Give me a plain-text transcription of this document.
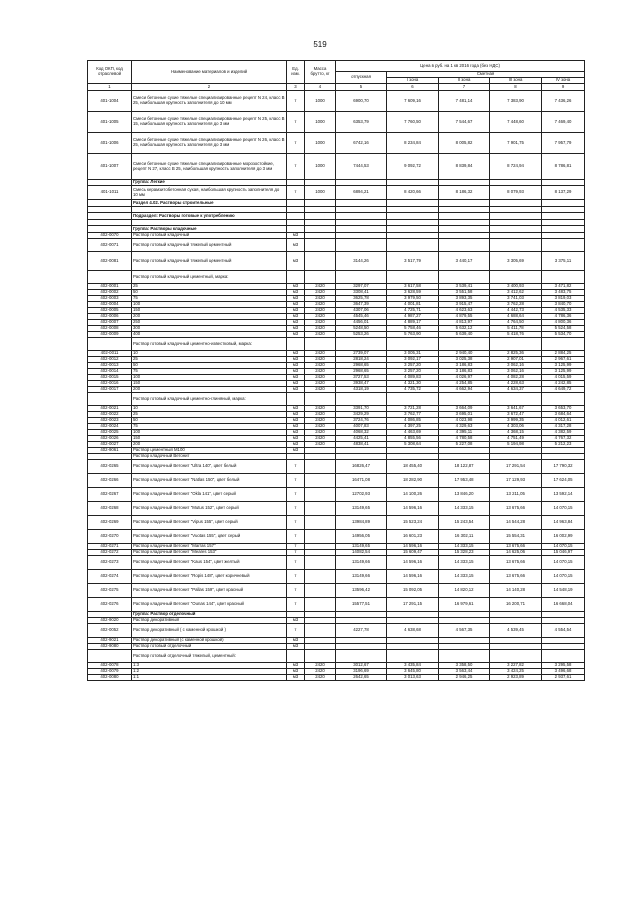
519
Код ОКП, код отраслевой	Наименование материалов и изделий	Ед. изм.	Масса брутто, кг	Цена в руб. на 1 кв 2016 года (без НДС)				
				отпускная	Сметная			
					I зона	II зона	III зона	IV зона
1	2	3	4	5	6	7	8	9
401-1004	Смеси бетонные сухие тяжелые специализированные рецепт N 24, класс В 25, наибольшая крупность заполнителя до 10 мм	т	1000	6900,70	7 609,16	7 481,14	7 383,90	7 436,26
401-1005	Смеси бетонные сухие тяжелые специализированные рецепт N 25, класс В 15, наибольшая крупность заполнителя до 3 мм	т	1000	6353,79	7 760,50	7 544,67	7 448,60	7 469,40
401-1006	Смеси бетонные сухие тяжелые специализированные рецепт N 26, класс В 25, наибольшая крупность заполнителя до 3 мм	т	1000	6742,16	8 234,84	8 005,82	7 901,75	7 957,79
401-1007	Смеси бетонные сухие тяжелые специализированные морозостойкие, рецепт N 27, класс В 25, наибольшая крупность заполнителя до 3 мм	т	1000	7444,53	9 092,72	8 839,84	8 724,94	8 786,81
	Группа: Легкие							
401-1011	Смесь керамзитобетонная сухая, наибольшая крупность заполнителя до 10 мм	т	1000	6894,21	8 420,66	8 186,32	8 079,93	8 137,29
	Раздел 4.02. Растворы строительные							

	Подраздел: Растворы готовые к употреблению							

	Группа: Растворы кладочные							
402-0070	Раствор готовый кладочный	м3						
402-0071	Раствор готовый кладочный тяжелый цементный	м3						
402-0081	Раствор готовый кладочный тяжелый цементный	м3		3144,26	3 517,79	3 440,17	3 305,69	3 375,11
	Раствор готовый кладочный цементный, марка:							
402-0001	25	м3	2420	3297,07	3 617,58	3 539,41	3 400,93	3 471,82
402-0002	50	м3	2420	3308,41	3 628,59	3 551,58	3 412,62	3 483,75
402-0003	75	м3	2420	3625,78	3 979,50	3 893,35	3 741,03	3 819,03
402-0004	100	м3	2420	3647,39	4 001,81	3 915,47	3 762,28	3 840,70
402-0005	150	м3	2420	4307,06	4 725,71	4 623,63	4 442,73	4 535,33
402-0006	200	м3	2420	4545,46	4 987,27	4 879,55	4 688,64	4 786,36
402-0007	250	м3	2420	4456,01	4 889,17	4 813,97	4 764,50	4 800,36
402-0008	300	м3	2420	5248,50	5 758,46	5 632,12	5 411,78	5 524,58
402-0009	400	м3	2420	5253,26	5 763,90	5 639,40	5 418,76	5 534,70
	Раствор готовый кладочный цементно-известковый, марка:							
402-0011	10	м3	2420	2739,07	3 005,31	2 940,40	2 825,36	2 884,25
402-0012	25	м3	2420	2818,24	3 092,17	3 025,38	2 907,01	2 967,61
402-0013	50	м3	2420	2968,65	3 257,20	3 186,83	3 062,16	3 125,99
402-0014	75	м3	2420	2968,65	3 257,20	3 186,83	3 062,16	3 125,99
402-0015	100	м3	2420	3727,53	4 089,83	4 026,97	4 082,28	4 015,59
402-0016	150	м3	2420	3938,47	4 321,30	4 254,85	4 228,63	4 242,85
402-0017	200	м3	2420	4318,19	4 735,72	4 662,94	4 634,37	4 649,72
	Раствор готовый кладочный цементно-глиняный, марка:							
402-0021	10	м3	2420	3391,70	3 721,28	3 664,09	3 641,67	3 653,70
402-0022	25	м3	2420	3429,29	3 762,77	3 695,01	3 672,47	3 684,64
402-0023	50	м3	2420	3724,76	4 086,85	4 023,98	3 999,35	4 012,61
402-0024	75	м3	2420	4007,83	4 397,25	4 329,63	4 303,06	4 317,28
402-0025	100	м3	2420	4068,32	4 463,69	4 395,11	4 368,15	4 382,59
402-0026	150	м3	2420	4425,41	4 855,56	4 780,58	4 751,49	4 767,32
402-0027	200	м3	2420	4838,41	5 308,64	5 227,08	5 194,98	5 212,23
402-9061	Раствор цементный М100	м3						
	Раствор кладочный Ветонит							
402-0265	Раствор кладочный Ветонит "Ultra 140", цвет белый	т		16826,47	18 455,40	18 122,87	17 291,54	17 790,32
402-0266	Раствор кладочный Ветонит "Natlas 150", цвет белый	т		16471,08	18 282,90	17 953,48	17 129,93	17 624,05
402-0267	Раствор кладочный Ветонит "Okla 141", цвет серый	т		12702,93	14 100,26	13 846,20	13 211,05	13 592,14
402-0268	Раствор кладочный Ветонит "Mutus 152", цвет серый	т		13149,65	14 596,16	14 333,15	13 675,66	14 070,15
402-0269	Раствор кладочный Ветонит "Vipus 155", цвет серый	т		13984,89	15 523,24	15 243,54	14 544,28	14 963,84
402-0270	Раствор кладочный Ветонит "Vuotas 155", цвет серый	т		14956,05	16 601,23	16 302,11	15 554,31	16 002,99
402-0271	Раствор кладочный Ветонит "Marras 157"	т		13149,65	14 596,16	14 333,15	13 675,66	14 070,15
402-0272	Раствор кладочный Ветонит "Meares 153"	т		14082,54	15 609,47	15 328,23	14 625,06	15 046,97
402-0273	Раствор кладочный Ветонит "Kaus 154", цвет желтый	т		13149,66	14 596,16	14 333,15	13 675,66	14 070,15
402-0274	Раствор кладочный Ветонит "Ropis 148", цвет коричневый	т		13149,66	14 596,16	14 333,15	13 675,66	14 070,15
402-0275	Раствор кладочный Ветонит "Pallas 159", цвет красный	т		13596,42	15 092,05	14 820,12	14 140,28	14 548,19
402-0276	Раствор кладочный Ветонит "Ounas 144", цвет красный	т		15577,51	17 291,15	16 979,61	16 200,71	16 668,04
	Группа: Раствор отделочный							
402-9020	Раствор декоративный	м3						
402-0052	Раствор декоративный ( с каменной крошкой )	т		4227,78	4 638,68	4 567,35	4 539,45	4 554,54
402-9021	Раствор декоративный (с каменной крошкой)	м3						
402-9080	Раствор готовый отделочный	м3						
	Раствор готовый отделочный тяжелый, цементный:							
402-0078	1:3	м3	2420	3012,67	3 435,84	3 358,50	3 227,82	3 295,58
402-0079	1:2	м3	2420	3196,69	3 645,80	3 563,44	3 424,25	3 496,68
402-0080	1:1	м3	2420	2642,65	3 013,63	2 946,25	2 923,89	2 937,61
